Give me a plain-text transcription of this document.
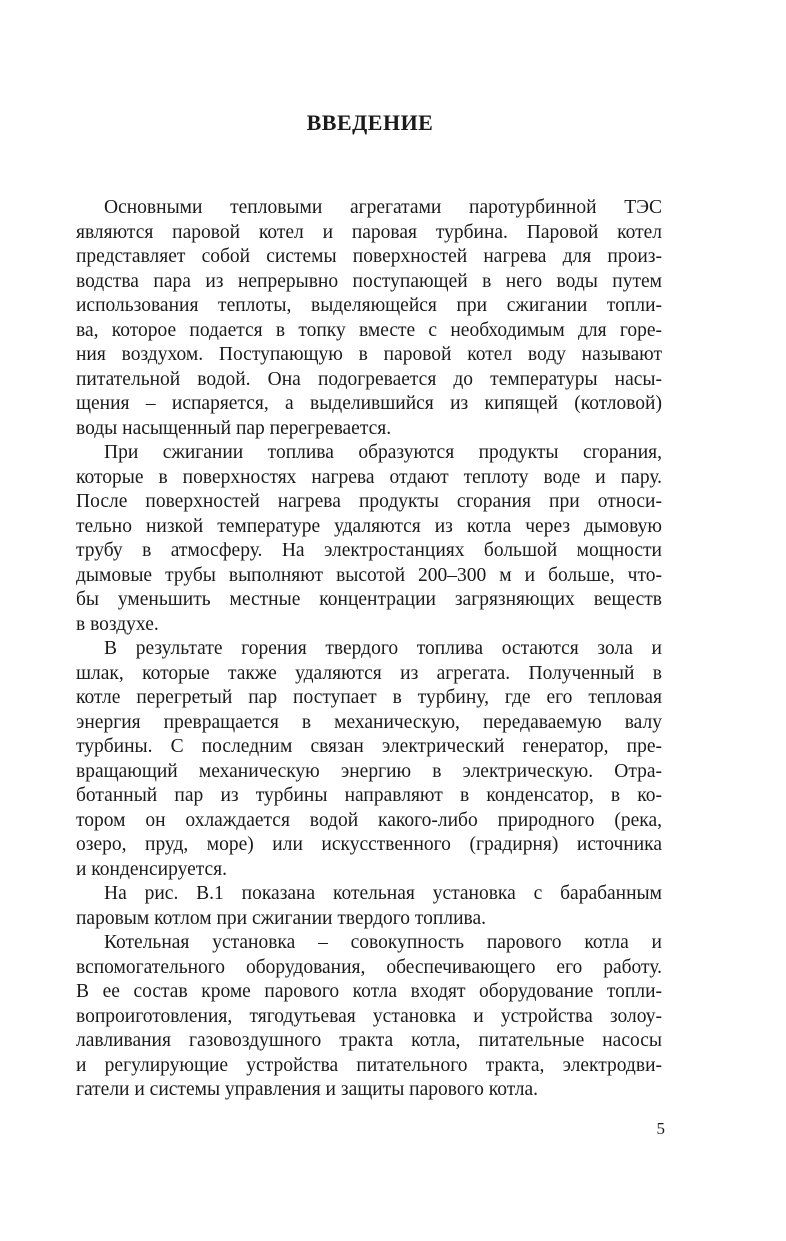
ВВЕДЕНИЕ
Основными тепловыми агрегатами паротурбинной ТЭС
являются паровой котел и паровая турбина. Паровой котел
представляет собой системы поверхностей нагрева для произ-
водства пара из непрерывно поступающей в него воды путем
использования теплоты, выделяющейся при сжигании топли-
ва, которое подается в топку вместе с необходимым для горе-
ния воздухом. Поступающую в паровой котел воду называют
питательной водой. Она подогревается до температуры насы-
щения – испаряется, а выделившийся из кипящей (котловой)
воды насыщенный пар перегревается.
При сжигании топлива образуются продукты сгорания,
которые в поверхностях нагрева отдают теплоту воде и пару.
После поверхностей нагрева продукты сгорания при относи-
тельно низкой температуре удаляются из котла через дымовую
трубу в атмосферу. На электростанциях большой мощности
дымовые трубы выполняют высотой 200–300 м и больше, что-
бы уменьшить местные концентрации загрязняющих веществ
в воздухе.
В результате горения твердого топлива остаются зола и
шлак, которые также удаляются из агрегата. Полученный в
котле перегретый пар поступает в турбину, где его тепловая
энергия превращается в механическую, передаваемую валу
турбины. С последним связан электрический генератор, пре-
вращающий механическую энергию в электрическую. Отра-
ботанный пар из турбины направляют в конденсатор, в ко-
тором он охлаждается водой какого-либо природного (река,
озеро, пруд, море) или искусственного (градирня) источника
и конденсируется.
На рис. В.1 показана котельная установка с барабанным
паровым котлом при сжигании твердого топлива.
Котельная установка – совокупность парового котла и
вспомогательного оборудования, обеспечивающего его работу.
В ее состав кроме парового котла входят оборудование топли-
вопроиготовления, тягодутьевая установка и устройства золоу-
лавливания газовоздушного тракта котла, питательные насосы
и регулирующие устройства питательного тракта, электродви-
гатели и системы управления и защиты парового котла.
5
